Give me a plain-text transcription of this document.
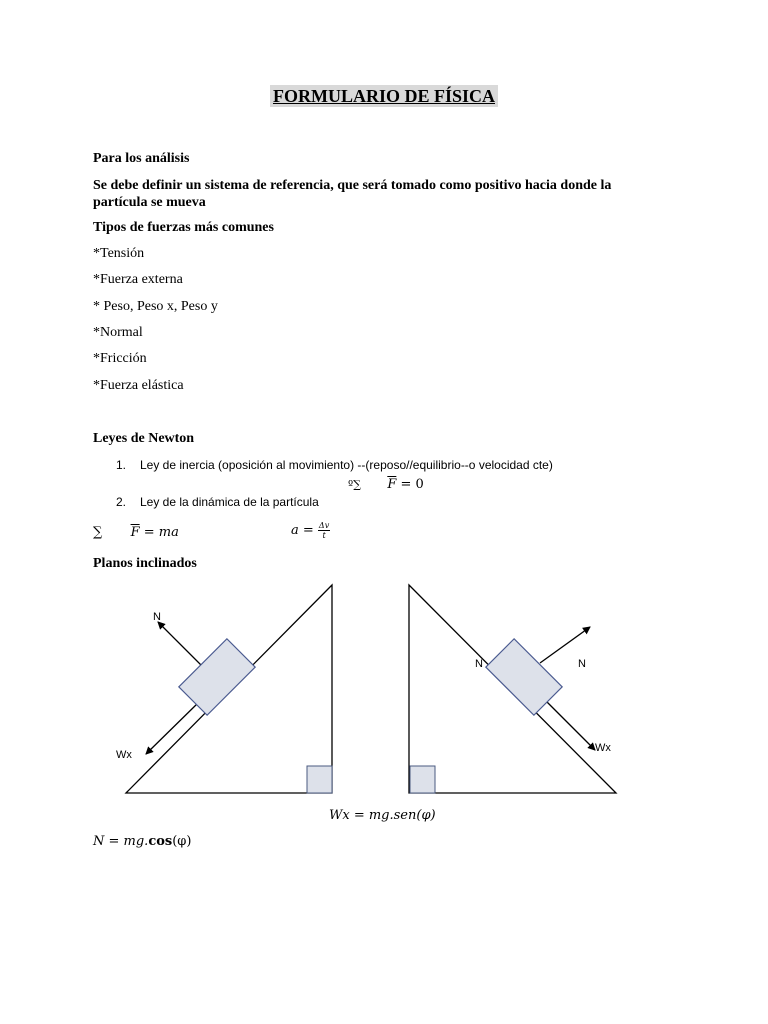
FORMULARIO DE FÍSICA
Para los análisis
Se debe definir un sistema de referencia, que será tomado como positivo hacia donde la partícula se mueva
Tipos de fuerzas más comunes
*Tensión
*Fuerza externa
* Peso, Peso x, Peso y
*Normal
*Fricción
*Fuerza elástica
Leyes de Newton
1. Ley de inercia (oposición al movimiento) --(reposo//equilibrio--o velocidad cte)
º∑ $\overline{F} = 0$
2. Ley de la dinámica de la partícula
∑ $\overline{F}$ = ma	$a = \frac{\Delta v}{t}$
Planos inclinados
N
Wx
N	N
Wx
Wx = mg.sen(φ)
N = mg.cos(φ)
